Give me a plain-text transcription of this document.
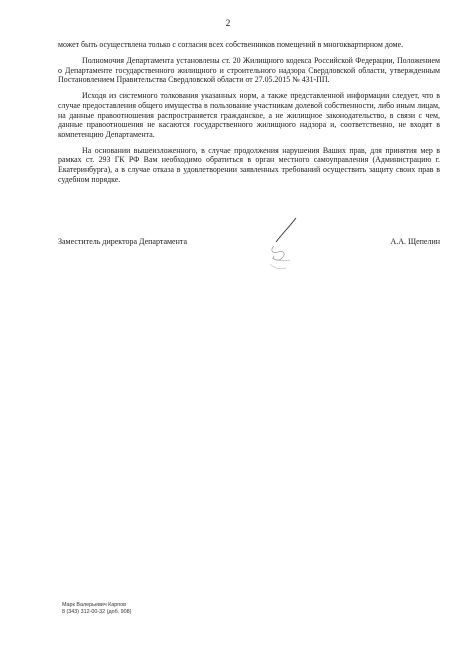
2

может быть осуществлена только с согласия всех собственников помещений в многоквартирном доме.

Полномочия Департамента установлены ст. 20 Жилищного кодекса Российской Федерации, Положением о Департаменте государственного жилищного и строительного надзора Свердловской области, утвержденным Постановлением Правительства Свердловской области от 27.05.2015 № 431-ПП.

Исходя из системного толкования указанных норм, а также представленной информации следует, что в случае предоставления общего имущества в пользование участникам долевой собственности, либо иным лицам, на данные правоотношения распространяется гражданское, а не жилищное законодательство, в связи с чем, данные правоотношения не касаются государственного жилищного надзора и, соответственно, не входят в компетенцию Департамента.

На основании вышеизложенного, в случае продолжения нарушения Ваших прав, для принятия мер в рамках ст. 293 ГК РФ Вам необходимо обратиться в орган местного самоуправления (Администрацию г. Екатеринбурга), а в случае отказа в удовлетворении заявленных требований осуществить защиту своих прав в судебном порядке.

Заместитель директора Департамента	А.А. Щепелин
Марк Валерьевич Карпов
8 (343) 312-00-32 (доб. 908)
